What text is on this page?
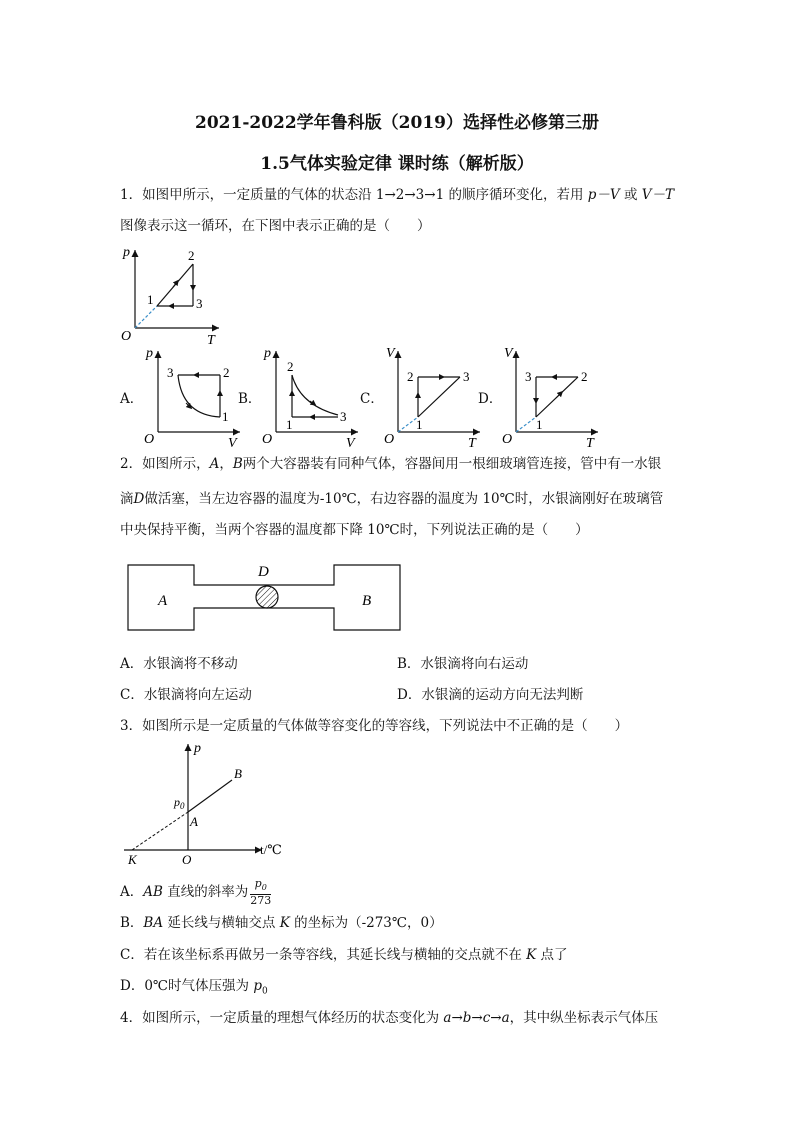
2021-2022学年鲁科版（2019）选择性必修第三册
1.5气体实验定律 课时练（解析版）
1．如图甲所示，一定质量的气体的状态沿 1→2→3→1 的顺序循环变化，若用 p－V 或 V－T
图像表示这一循环，在下图中表示正确的是（　　）
p
T
O
1
2
3
A．
p
V
O
3	2
1
B．
p
V
O
2
1
3
C．
V
T
O
2	3
1
D．
V
T
O
3	2
1
2．如图所示，A，B两个大容器装有同种气体，容器间用一根细玻璃管连接，管中有一水银
滴D做活塞，当左边容器的温度为-10℃，右边容器的温度为 10℃时，水银滴刚好在玻璃管
中央保持平衡，当两个容器的温度都下降 10℃时，下列说法正确的是（　　）
A	B
D
A．水银滴将不移动	B．水银滴将向右运动
C．水银滴将向左运动	D．水银滴的运动方向无法判断
3．如图所示是一定质量的气体做等容变化的等容线，下列说法中不正确的是（　　）
p
t/℃
O
K
A
B
$p_0$
A．AB 直线的斜率为 $\frac{p_0}{273}$
B．BA 延长线与横轴交点 K 的坐标为（-273℃，0）
C．若在该坐标系再做另一条等容线，其延长线与横轴的交点就不在 K 点了
D．0℃时气体压强为 $p_0$
4．如图所示，一定质量的理想气体经历的状态变化为 a→b→c→a，其中纵坐标表示气体压
